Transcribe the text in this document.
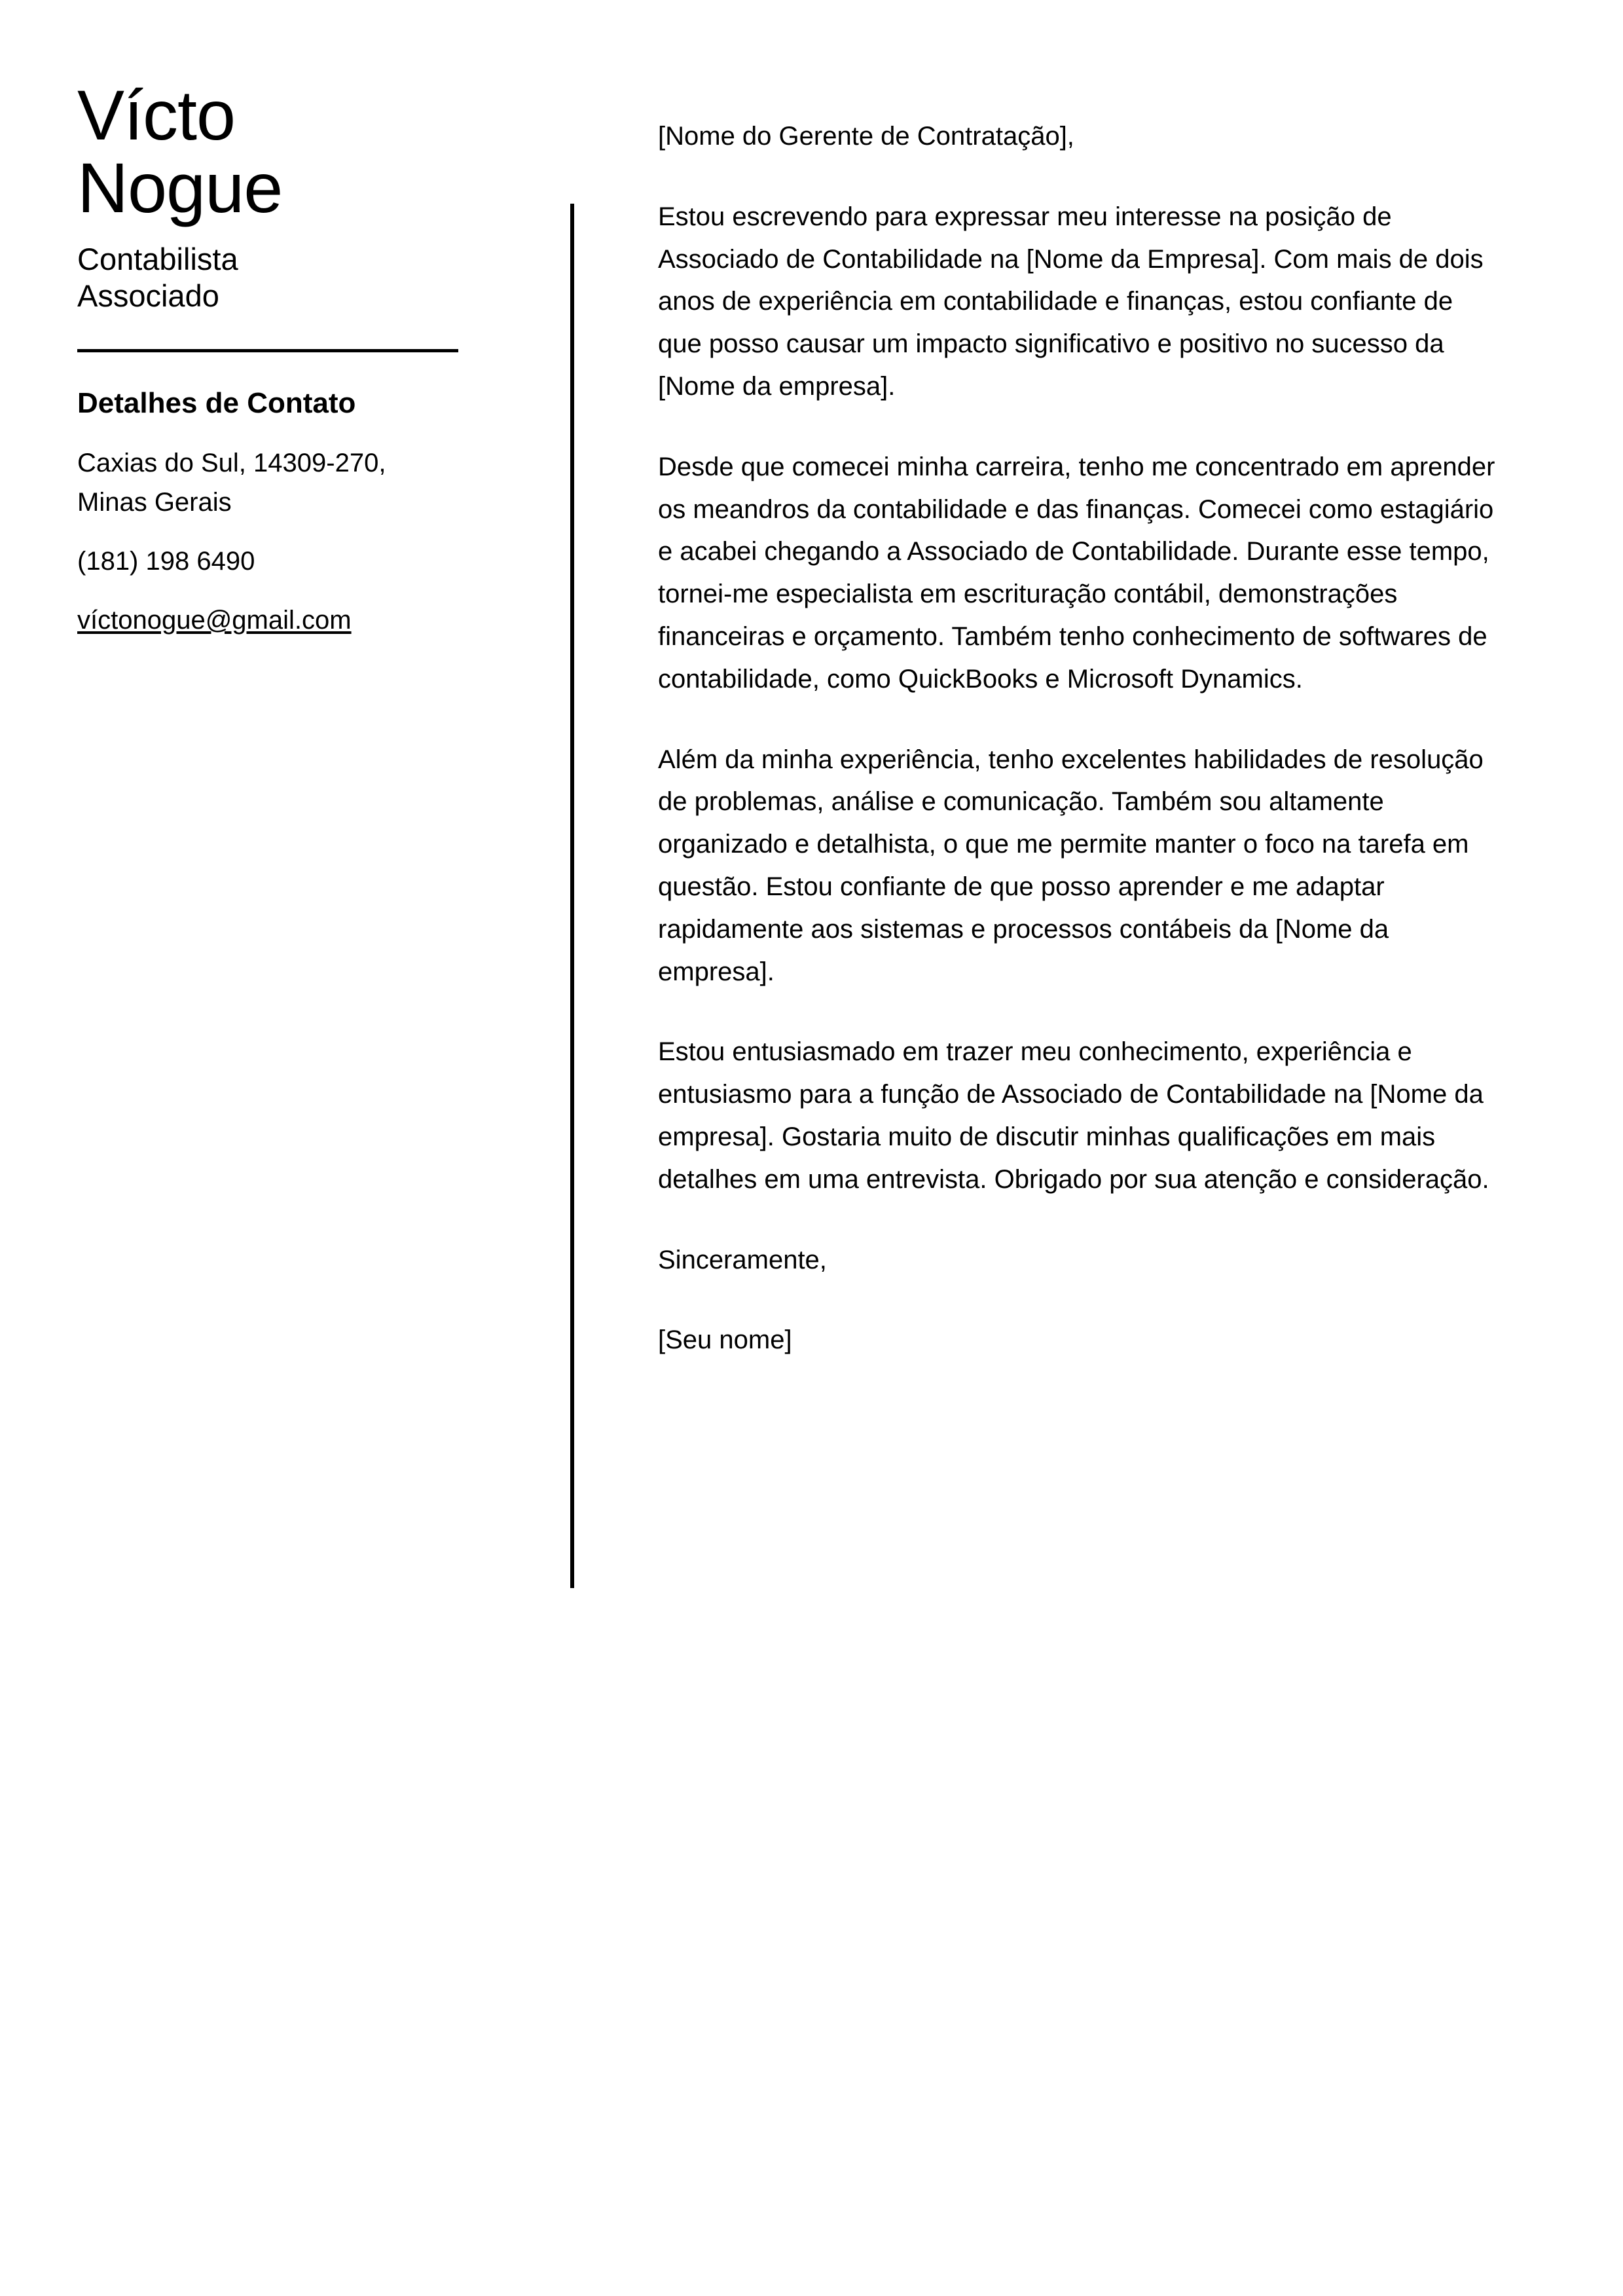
Vícto
Nogue
Contabilista
Associado
Detalhes de Contato
Caxias do Sul, 14309-270,
Minas Gerais
(181) 198 6490
víctonogue@gmail.com

[Nome do Gerente de Contratação],

Estou escrevendo para expressar meu interesse na posição de Associado de Contabilidade na [Nome da Empresa]. Com mais de dois anos de experiência em contabilidade e finanças, estou confiante de que posso causar um impacto significativo e positivo no sucesso da [Nome da empresa].

Desde que comecei minha carreira, tenho me concentrado em aprender os meandros da contabilidade e das finanças. Comecei como estagiário e acabei chegando a Associado de Contabilidade. Durante esse tempo, tornei-me especialista em escrituração contábil, demonstrações financeiras e orçamento. Também tenho conhecimento de softwares de contabilidade, como QuickBooks e Microsoft Dynamics.

Além da minha experiência, tenho excelentes habilidades de resolução de problemas, análise e comunicação. Também sou altamente organizado e detalhista, o que me permite manter o foco na tarefa em questão. Estou confiante de que posso aprender e me adaptar rapidamente aos sistemas e processos contábeis da [Nome da empresa].

Estou entusiasmado em trazer meu conhecimento, experiência e entusiasmo para a função de Associado de Contabilidade na [Nome da empresa]. Gostaria muito de discutir minhas qualificações em mais detalhes em uma entrevista. Obrigado por sua atenção e consideração.

Sinceramente,

[Seu nome]
